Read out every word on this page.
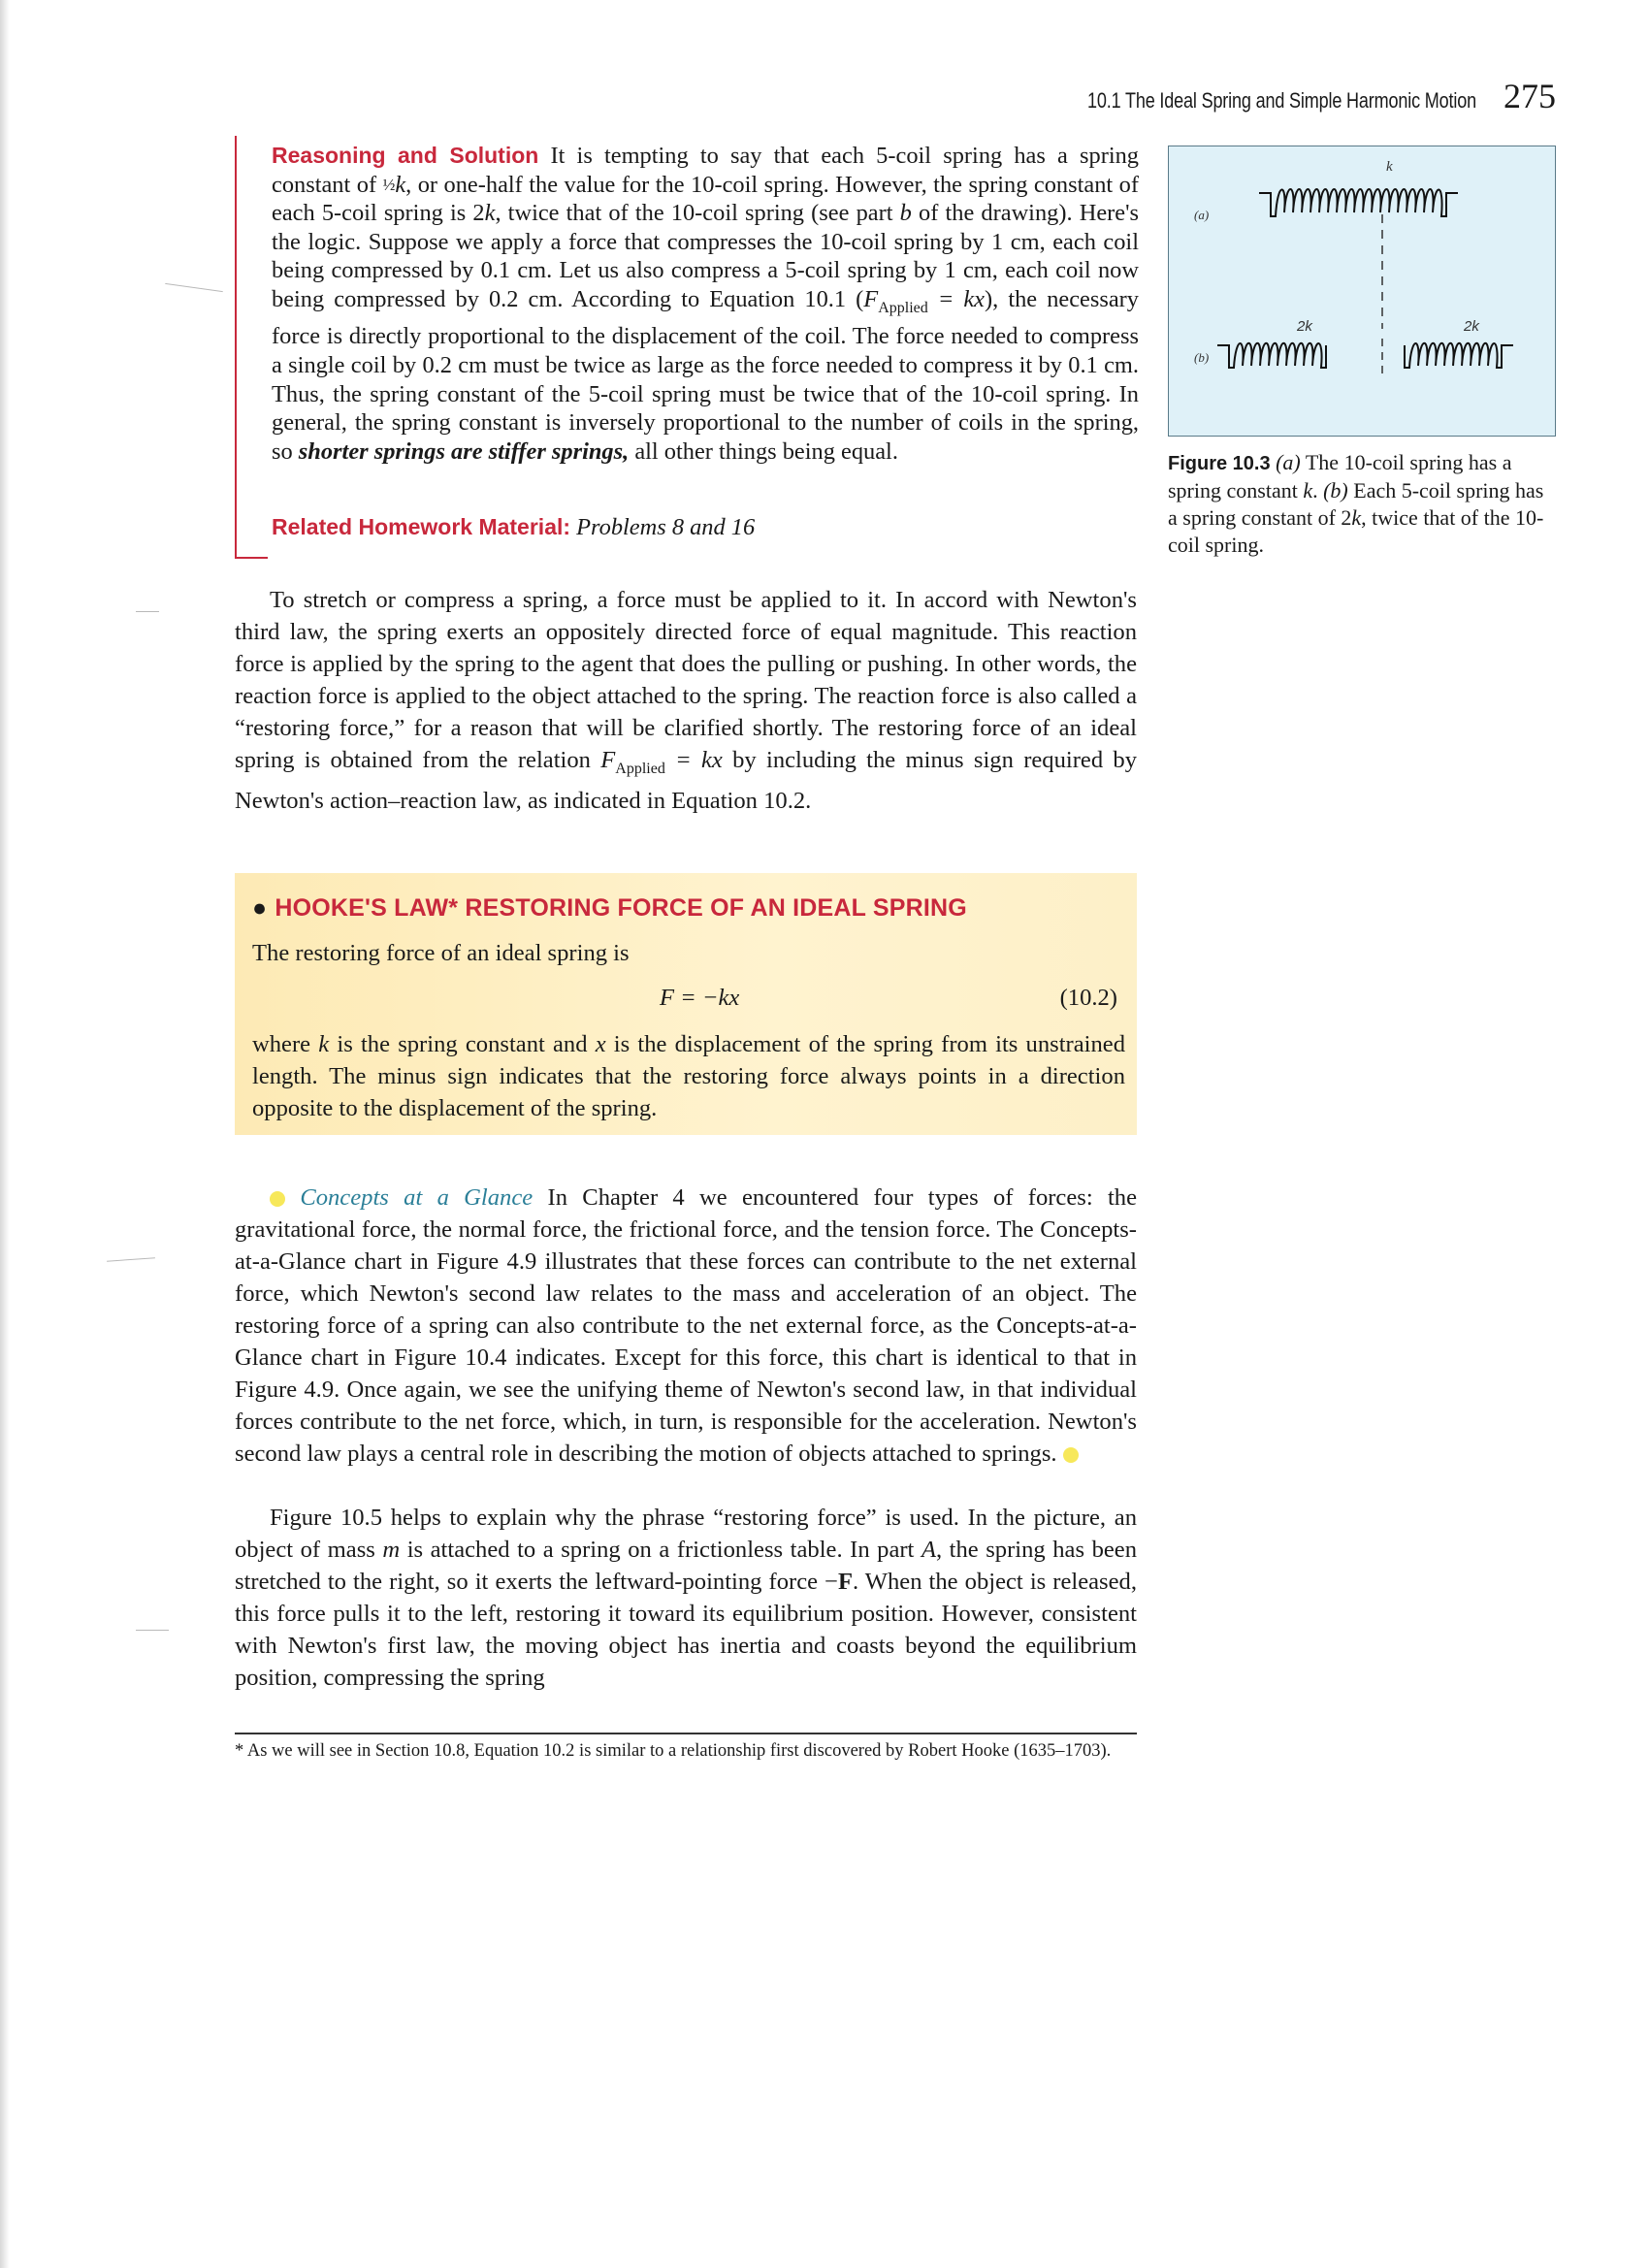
10.1 The Ideal Spring and Simple Harmonic Motion 275
Reasoning and Solution It is tempting to say that each 5-coil spring has a spring constant of ½k, or one-half the value for the 10-coil spring. However, the spring constant of each 5-coil spring is 2k, twice that of the 10-coil spring (see part b of the drawing). Here's the logic. Suppose we apply a force that compresses the 10-coil spring by 1 cm, each coil being compressed by 0.1 cm. Let us also compress a 5-coil spring by 1 cm, each coil now being compressed by 0.2 cm. According to Equation 10.1 $(F_{Applied} = kx)$, the necessary force is directly proportional to the displacement of the coil. The force needed to compress a single coil by 0.2 cm must be twice as large as the force needed to compress it by 0.1 cm. Thus, the spring constant of the 5-coil spring must be twice that of the 10-coil spring. In general, the spring constant is inversely proportional to the number of coils in the spring, so shorter springs are stiffer springs, all other things being equal.
Related Homework Material: Problems 8 and 16
(a)
k
(b)
2k	2k
Figure 10.3 (a) The 10-coil spring has a spring constant k. (b) Each 5-coil spring has a spring constant of 2k, twice that of the 10-coil spring.
To stretch or compress a spring, a force must be applied to it. In accord with Newton's third law, the spring exerts an oppositely directed force of equal magnitude. This reaction force is applied by the spring to the agent that does the pulling or pushing. In other words, the reaction force is applied to the object attached to the spring. The reaction force is also called a “restoring force,” for a reason that will be clarified shortly. The restoring force of an ideal spring is obtained from the relation $F_{Applied}$ = kx by including the minus sign required by Newton's action–reaction law, as indicated in Equation 10.2.
● HOOKE'S LAW* RESTORING FORCE OF AN IDEAL SPRING
The restoring force of an ideal spring is
F = −kx	(10.2)
where k is the spring constant and x is the displacement of the spring from its unstrained length. The minus sign indicates that the restoring force always points in a direction opposite to the displacement of the spring.
Concepts at a Glance In Chapter 4 we encountered four types of forces: the gravitational force, the normal force, the frictional force, and the tension force. The Concepts-at-a-Glance chart in Figure 4.9 illustrates that these forces can contribute to the net external force, which Newton's second law relates to the mass and acceleration of an object. The restoring force of a spring can also contribute to the net external force, as the Concepts-at-a-Glance chart in Figure 10.4 indicates. Except for this force, this chart is identical to that in Figure 4.9. Once again, we see the unifying theme of Newton's second law, in that individual forces contribute to the net force, which, in turn, is responsible for the acceleration. Newton's second law plays a central role in describing the motion of objects attached to springs.
Figure 10.5 helps to explain why the phrase “restoring force” is used. In the picture, an object of mass m is attached to a spring on a frictionless table. In part A, the spring has been stretched to the right, so it exerts the leftward-pointing force −F. When the object is released, this force pulls it to the left, restoring it toward its equilibrium position. However, consistent with Newton's first law, the moving object has inertia and coasts beyond the equilibrium position, compressing the spring
* As we will see in Section 10.8, Equation 10.2 is similar to a relationship first discovered by Robert Hooke (1635–1703).
